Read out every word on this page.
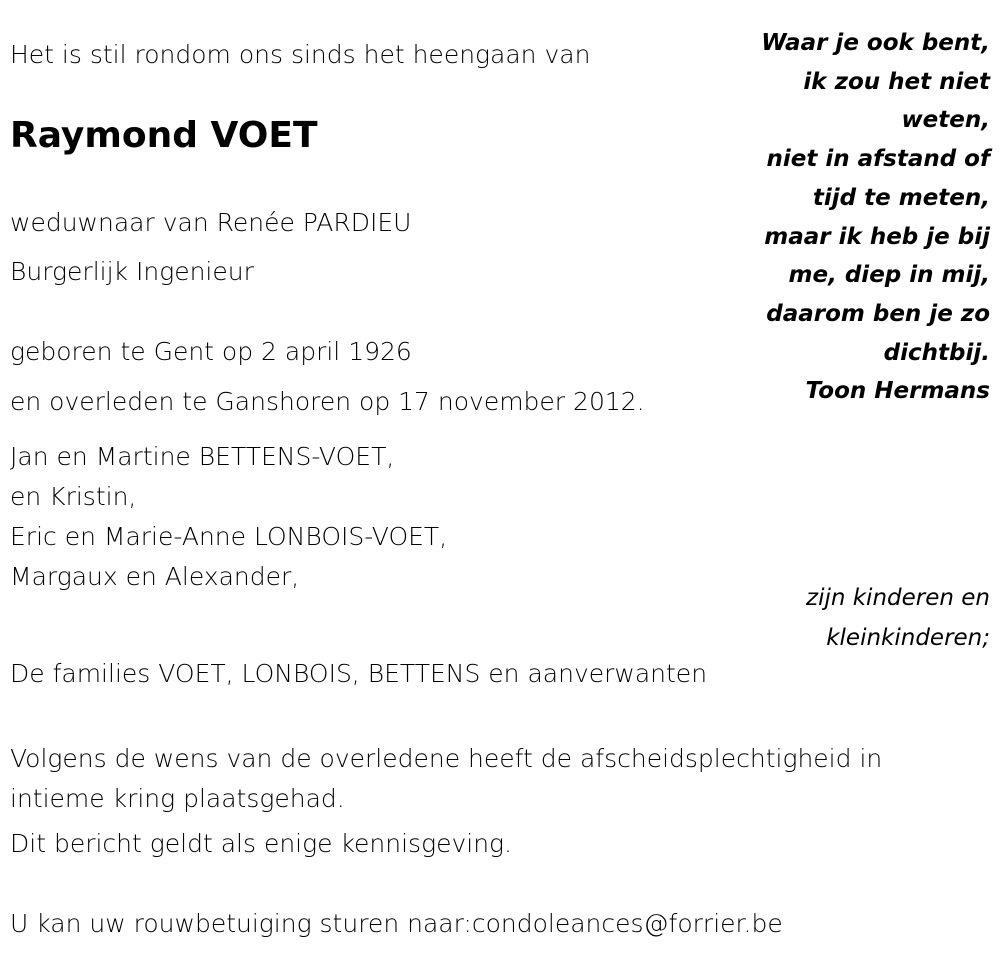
Het is stil rondom ons sinds het heengaan van

Raymond VOET

weduwnaar van Renée PARDIEU

Burgerlijk Ingenieur

geboren te Gent op 2 april 1926

en overleden te Ganshoren op 17 november 2012.

Jan en Martine BETTENS-VOET,
en Kristin,
Eric en Marie-Anne LONBOIS-VOET,
Margaux en Alexander,
zijn kinderen en
kleinkinderen;

De families VOET, LONBOIS, BETTENS en aanverwanten

Volgens de wens van de overledene heeft de afscheidsplechtigheid in
intieme kring plaatsgehad.

Dit bericht geldt als enige kennisgeving.

U kan uw rouwbetuiging sturen naar:condoleances@forrier.be

Waar je ook bent,
ik zou het niet
weten,
niet in afstand of
tijd te meten,
maar ik heb je bij
me, diep in mij,
daarom ben je zo
dichtbij.
Toon Hermans
